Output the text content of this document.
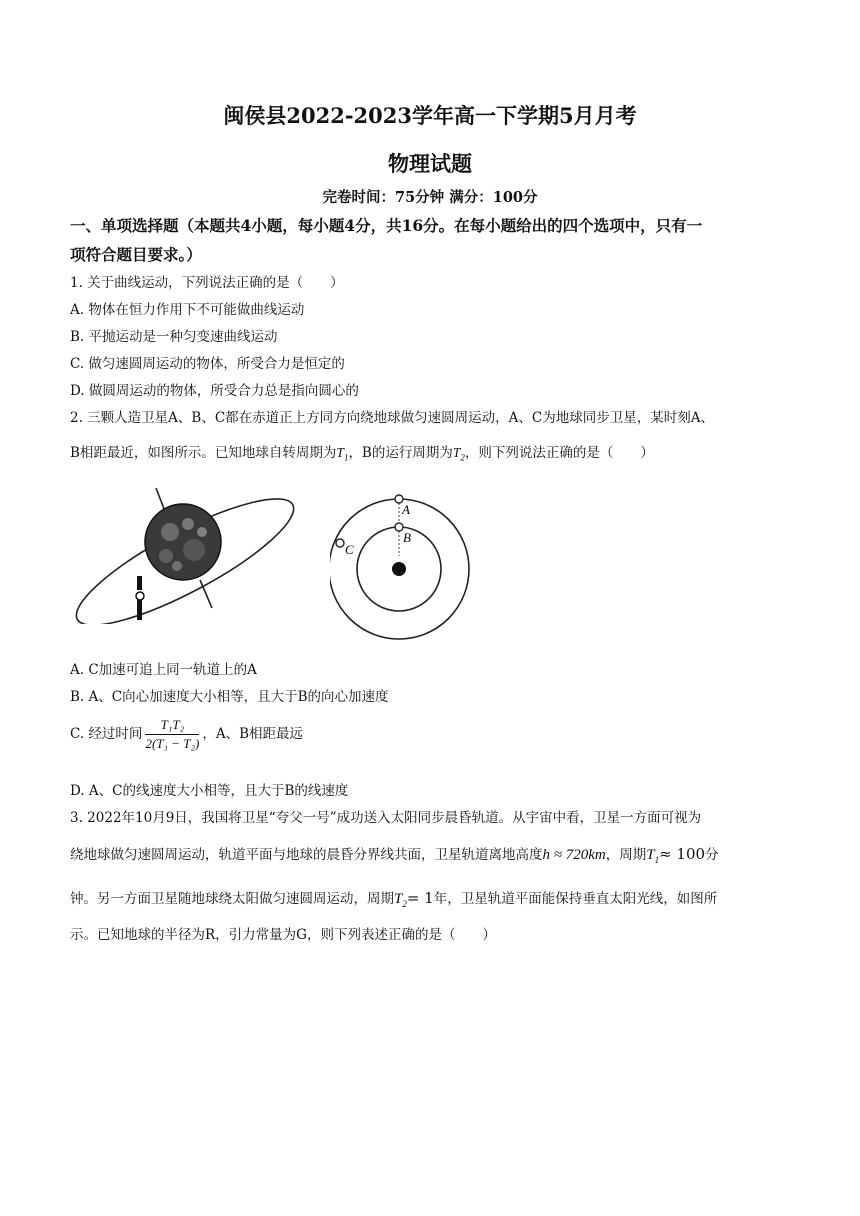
闽侯县2022-2023学年高一下学期5月月考
物理试题
完卷时间：75分钟 满分：100分
一、单项选择题（本题共4小题，每小题4分，共16分。在每小题给出的四个选项中，只有一
项符合题目要求。）
1. 关于曲线运动，下列说法正确的是（　　）
A. 物体在恒力作用下不可能做曲线运动
B. 平抛运动是一种匀变速曲线运动
C. 做匀速圆周运动的物体，所受合力是恒定的
D. 做圆周运动的物体，所受合力总是指向圆心的
2. 三颗人造卫星A、B、C都在赤道正上方同方向绕地球做匀速圆周运动，A、C为地球同步卫星，某时刻A、
B相距最近，如图所示。已知地球自转周期为$T_1$，B的运行周期为$T_2$，则下列说法正确的是（　　）
A
B
C
A. C加速可追上同一轨道上的A
B. A、C向心加速度大小相等，且大于B的向心加速度
C. 经过时间 $\frac{\text{T₁T₂}}{\text{2(T₁ − T₂)}}$ ，A、B相距最远
D. A、C的线速度大小相等，且大于B的线速度
3. 2022年10月9日，我国将卫星“夸父一号”成功送入太阳同步晨昏轨道。从宇宙中看，卫星一方面可视为
绕地球做匀速圆周运动，轨道平面与地球的晨昏分界线共面，卫星轨道离地高度h ≈ 720km，周期$T_1\approx 100$分
钟。另一方面卫星随地球绕太阳做匀速圆周运动，周期$T_2= 1$年，卫星轨道平面能保持垂直太阳光线，如图所
示。已知地球的半径为R，引力常量为G，则下列表述正确的是（　　）
